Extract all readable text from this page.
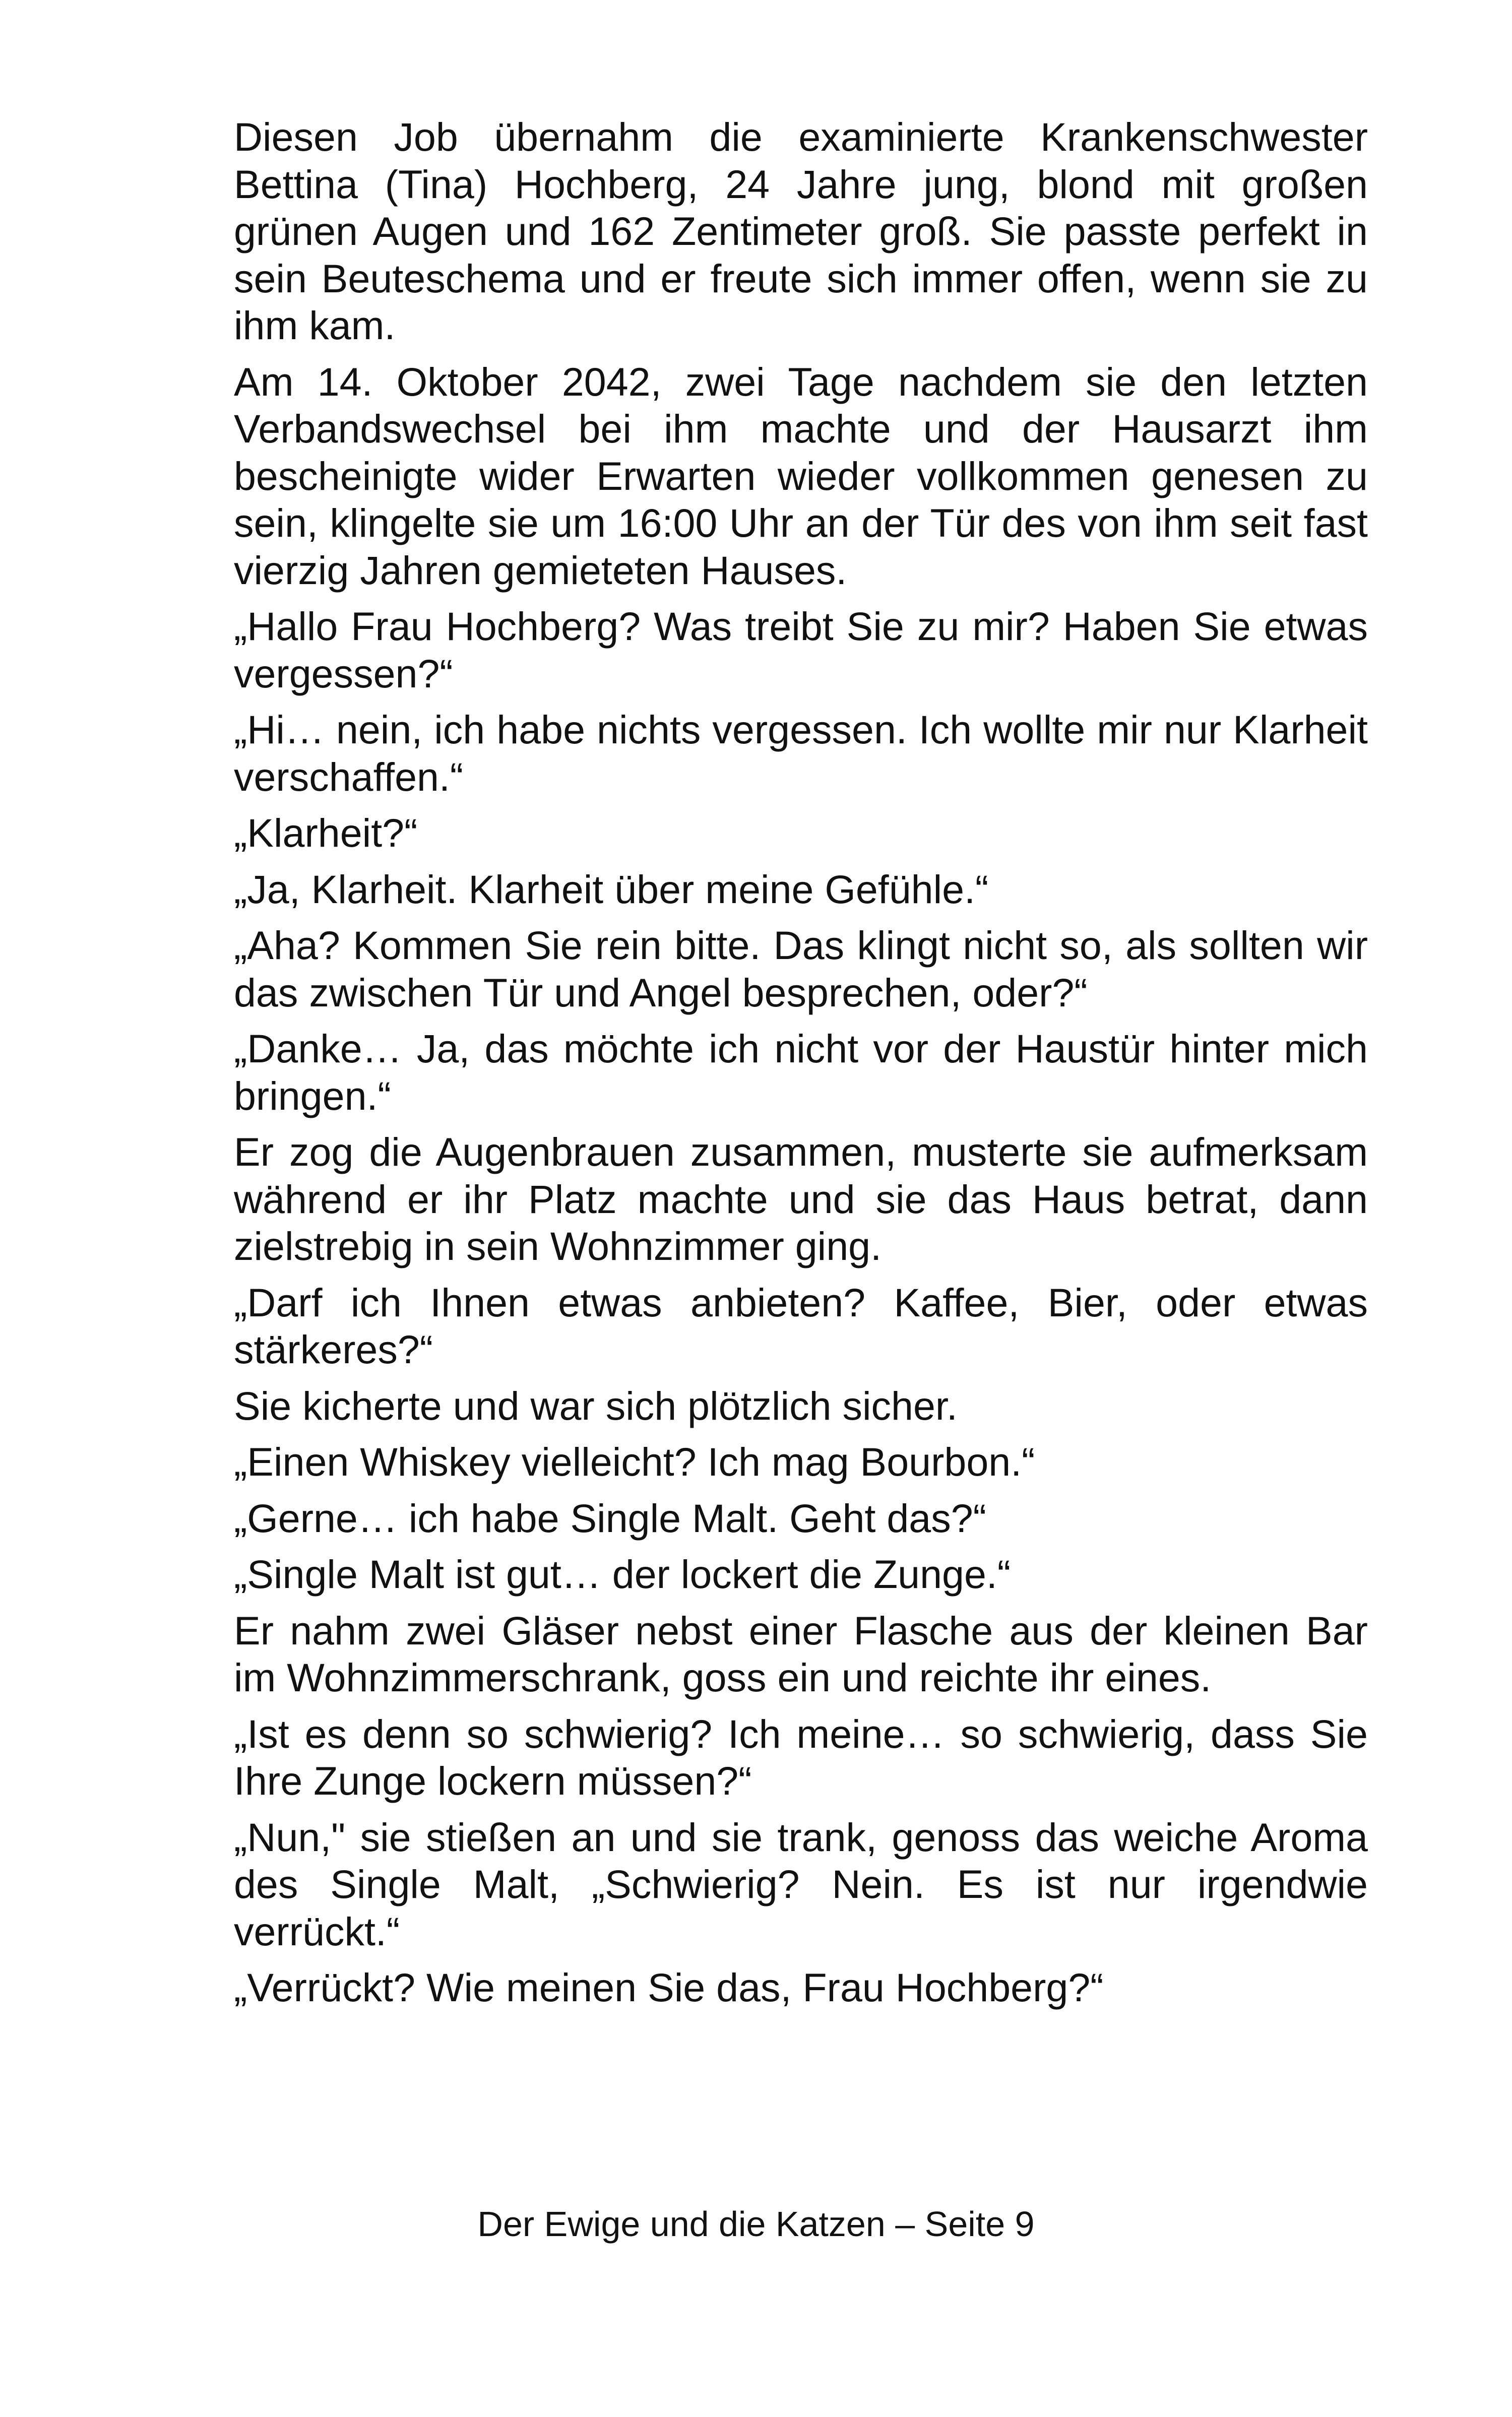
Diesen Job übernahm die examinierte Krankenschwester Bettina (Tina) Hochberg, 24 Jahre jung, blond mit großen grünen Augen und 162 Zentimeter groß. Sie passte perfekt in sein Beuteschema und er freute sich immer offen, wenn sie zu ihm kam.

Am 14. Oktober 2042, zwei Tage nachdem sie den letzten Verbandswechsel bei ihm machte und der Hausarzt ihm bescheinigte wider Erwarten wieder vollkommen genesen zu sein, klingelte sie um 16:00 Uhr an der Tür des von ihm seit fast vierzig Jahren gemieteten Hauses.

„Hallo Frau Hochberg? Was treibt Sie zu mir? Haben Sie etwas vergessen?“

„Hi… nein, ich habe nichts vergessen. Ich wollte mir nur Klarheit verschaffen.“

„Klarheit?“

„Ja, Klarheit. Klarheit über meine Gefühle.“

„Aha? Kommen Sie rein bitte. Das klingt nicht so, als sollten wir das zwischen Tür und Angel besprechen, oder?“

„Danke… Ja, das möchte ich nicht vor der Haustür hinter mich bringen.“

Er zog die Augenbrauen zusammen, musterte sie aufmerksam während er ihr Platz machte und sie das Haus betrat, dann zielstrebig in sein Wohnzimmer ging.

„Darf ich Ihnen etwas anbieten? Kaffee, Bier, oder etwas stärkeres?“

Sie kicherte und war sich plötzlich sicher.

„Einen Whiskey vielleicht? Ich mag Bourbon.“

„Gerne… ich habe Single Malt. Geht das?“

„Single Malt ist gut… der lockert die Zunge.“

Er nahm zwei Gläser nebst einer Flasche aus der kleinen Bar im Wohnzimmerschrank, goss ein und reichte ihr eines.

„Ist es denn so schwierig? Ich meine… so schwierig, dass Sie Ihre Zunge lockern müssen?“

„Nun," sie stießen an und sie trank, genoss das weiche Aroma des Single Malt, „Schwierig? Nein. Es ist nur irgendwie verrückt.“

„Verrückt? Wie meinen Sie das, Frau Hochberg?“

Der Ewige und die Katzen – Seite 9
